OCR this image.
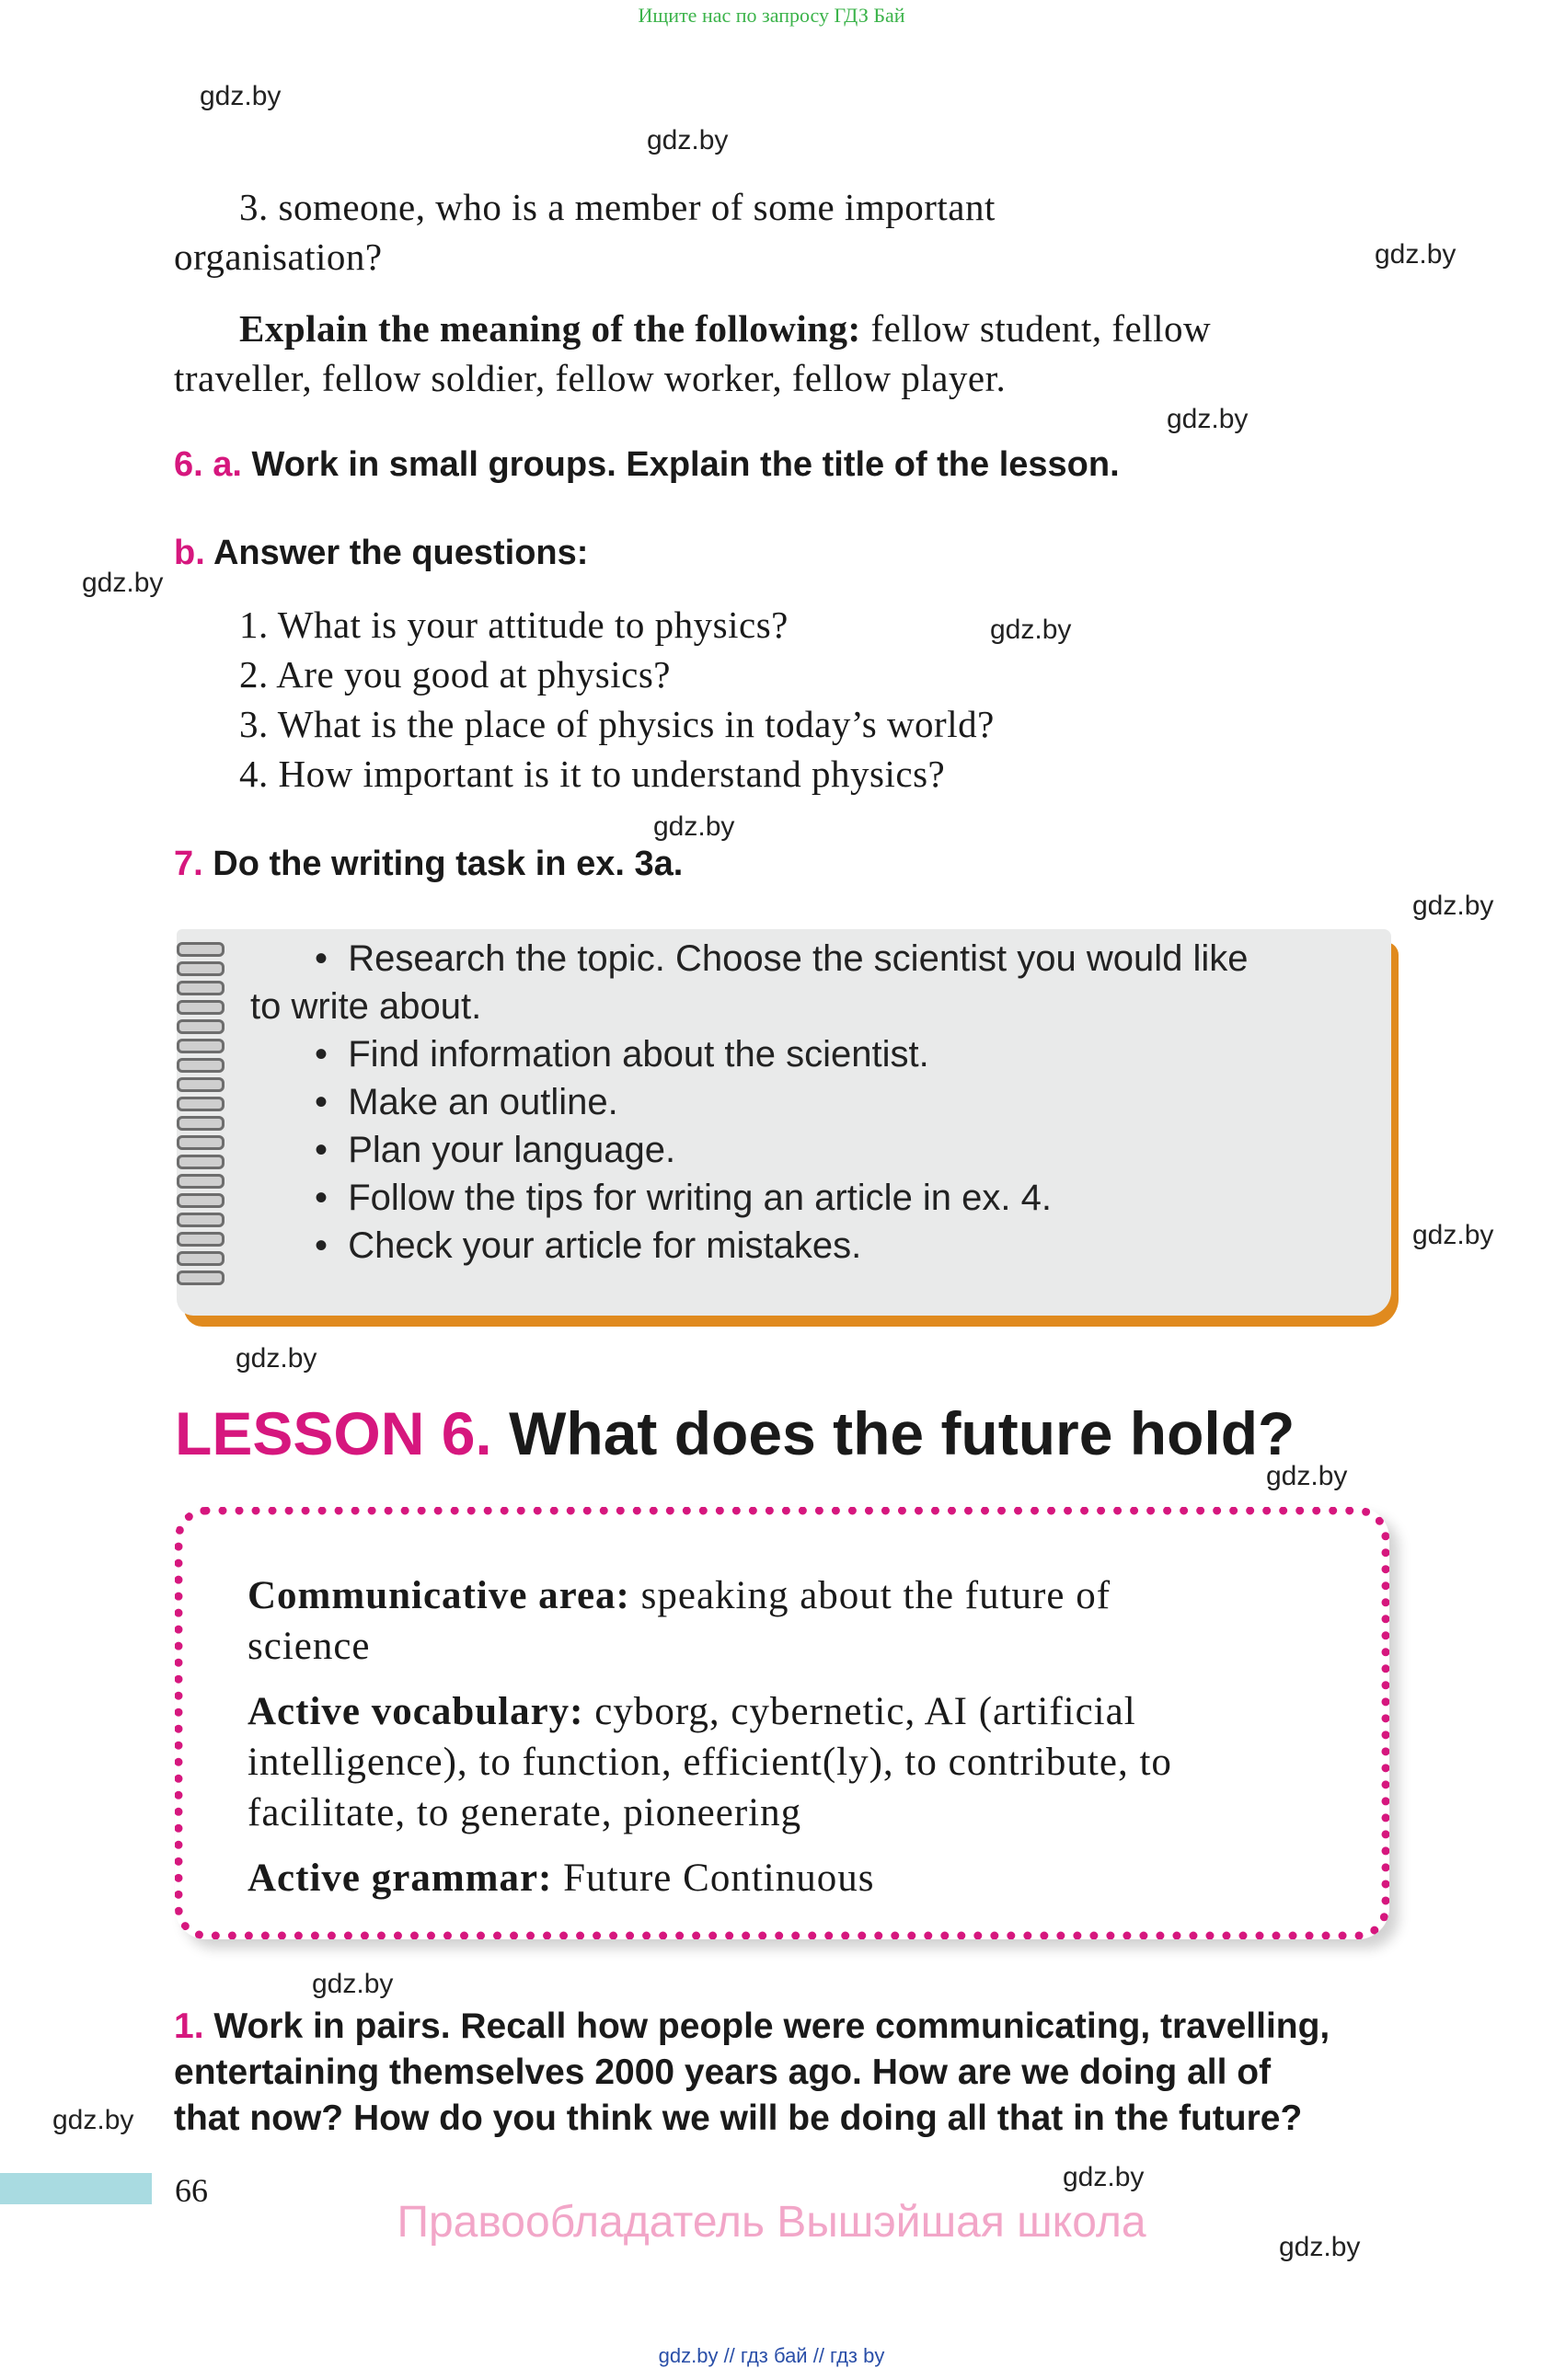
Ищите нас по запросу ГДЗ Бай
gdz.by
gdz.by
gdz.by
gdz.by
gdz.by
gdz.by
gdz.by
gdz.by
gdz.by
gdz.by
gdz.by
gdz.by
gdz.by
gdz.by
gdz.by
3. someone, who is a member of some important
organisation?
Explain the meaning of the following: fellow student, fellow
traveller, fellow soldier, fellow worker, fellow player.
6. a. Work in small groups. Explain the title of the lesson.
b. Answer the questions:
1. What is your attitude to physics?
2. Are you good at physics?
3. What is the place of physics in today’s world?
4. How important is it to understand physics?
7. Do the writing task in ex. 3a.
•  Research the topic. Choose the scientist you would like
to write about.
•  Find information about the scientist.
•  Make an outline.
•  Plan your language.
•  Follow the tips for writing an article in ex. 4.
•  Check your article for mistakes.
LESSON 6. What does the future hold?
Communicative area: speaking about the future of
science
Active vocabulary: cyborg, cybernetic, AI (artificial
intelligence), to function, efficient(ly), to contribute, to
facilitate, to generate, pioneering
Active grammar: Future Continuous
1. Work in pairs. Recall how people were communicating, travelling,
entertaining themselves 2000 years ago. How are we doing all of
that now? How do you think we will be doing all that in the future?
66
Правообладатель Вышэйшая школа
gdz.by // гдз бай // гдз by
